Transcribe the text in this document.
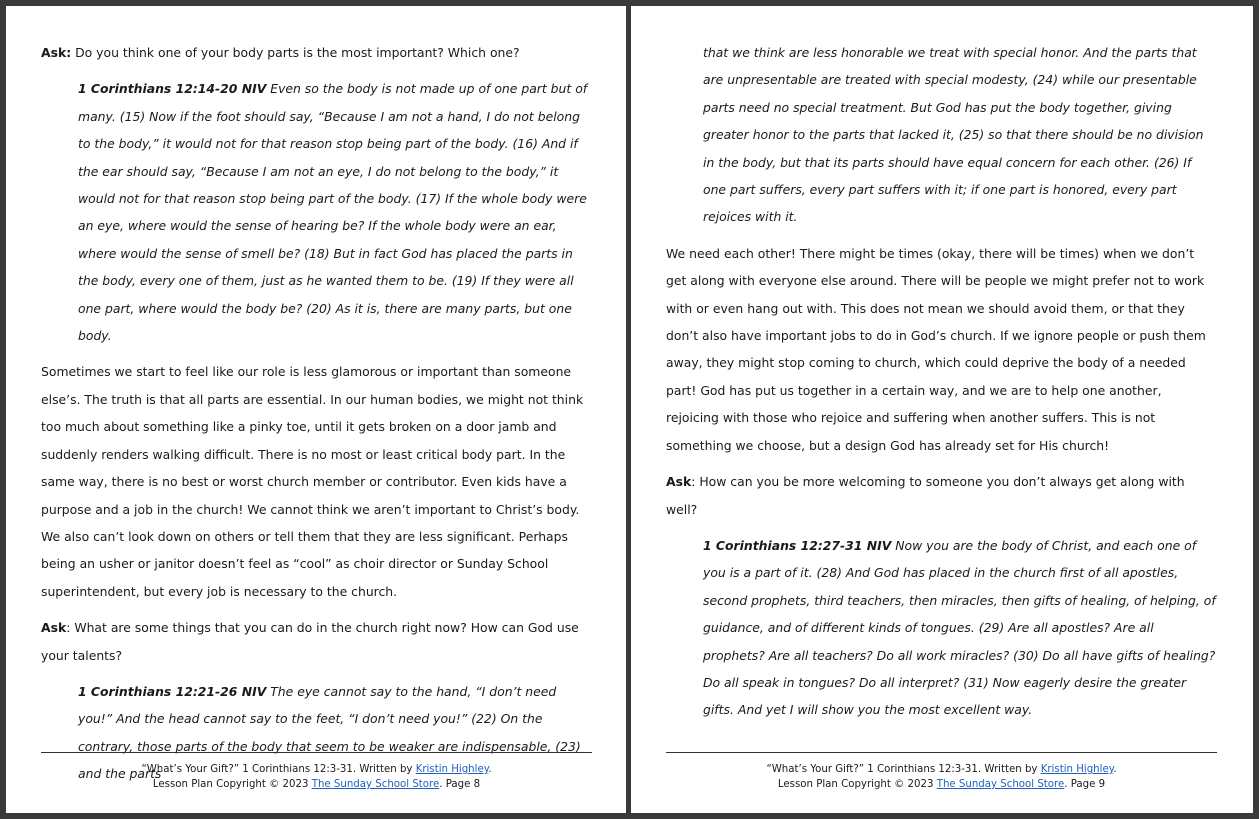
Ask: Do you think one of your body parts is the most important? Which one?

1 Corinthians 12:14-20 NIV Even so the body is not made up of one part but of many. (15) Now if the foot should say, “Because I am not a hand, I do not belong to the body,” it would not for that reason stop being part of the body. (16) And if the ear should say, “Because I am not an eye, I do not belong to the body,” it would not for that reason stop being part of the body. (17) If the whole body were an eye, where would the sense of hearing be? If the whole body were an ear, where would the sense of smell be? (18) But in fact God has placed the parts in the body, every one of them, just as he wanted them to be. (19) If they were all one part, where would the body be? (20) As it is, there are many parts, but one body.

Sometimes we start to feel like our role is less glamorous or important than someone else’s. The truth is that all parts are essential. In our human bodies, we might not think too much about something like a pinky toe, until it gets broken on a door jamb and suddenly renders walking difficult. There is no most or least critical body part. In the same way, there is no best or worst church member or contributor. Even kids have a purpose and a job in the church! We cannot think we aren’t important to Christ’s body. We also can’t look down on others or tell them that they are less significant. Perhaps being an usher or janitor doesn’t feel as “cool” as choir director or Sunday School superintendent, but every job is necessary to the church.

Ask: What are some things that you can do in the church right now? How can God use your talents?

1 Corinthians 12:21-26 NIV The eye cannot say to the hand, “I don’t need you!” And the head cannot say to the feet, “I don’t need you!” (22) On the contrary, those parts of the body that seem to be weaker are indispensable, (23) and the parts

“What’s Your Gift?” 1 Corinthians 12:3-31. Written by Kristin Highley.
Lesson Plan Copyright © 2023 The Sunday School Store. Page 8

that we think are less honorable we treat with special honor. And the parts that are unpresentable are treated with special modesty, (24) while our presentable parts need no special treatment. But God has put the body together, giving greater honor to the parts that lacked it, (25) so that there should be no division in the body, but that its parts should have equal concern for each other. (26) If one part suffers, every part suffers with it; if one part is honored, every part rejoices with it.

We need each other! There might be times (okay, there will be times) when we don’t get along with everyone else around. There will be people we might prefer not to work with or even hang out with. This does not mean we should avoid them, or that they don’t also have important jobs to do in God’s church. If we ignore people or push them away, they might stop coming to church, which could deprive the body of a needed part! God has put us together in a certain way, and we are to help one another, rejoicing with those who rejoice and suffering when another suffers. This is not something we choose, but a design God has already set for His church!

Ask: How can you be more welcoming to someone you don’t always get along with well?

1 Corinthians 12:27-31 NIV Now you are the body of Christ, and each one of you is a part of it. (28) And God has placed in the church first of all apostles, second prophets, third teachers, then miracles, then gifts of healing, of helping, of guidance, and of different kinds of tongues. (29) Are all apostles? Are all prophets? Are all teachers? Do all work miracles? (30) Do all have gifts of healing? Do all speak in tongues? Do all interpret? (31) Now eagerly desire the greater gifts. And yet I will show you the most excellent way.

“What’s Your Gift?” 1 Corinthians 12:3-31. Written by Kristin Highley.
Lesson Plan Copyright © 2023 The Sunday School Store. Page 9
